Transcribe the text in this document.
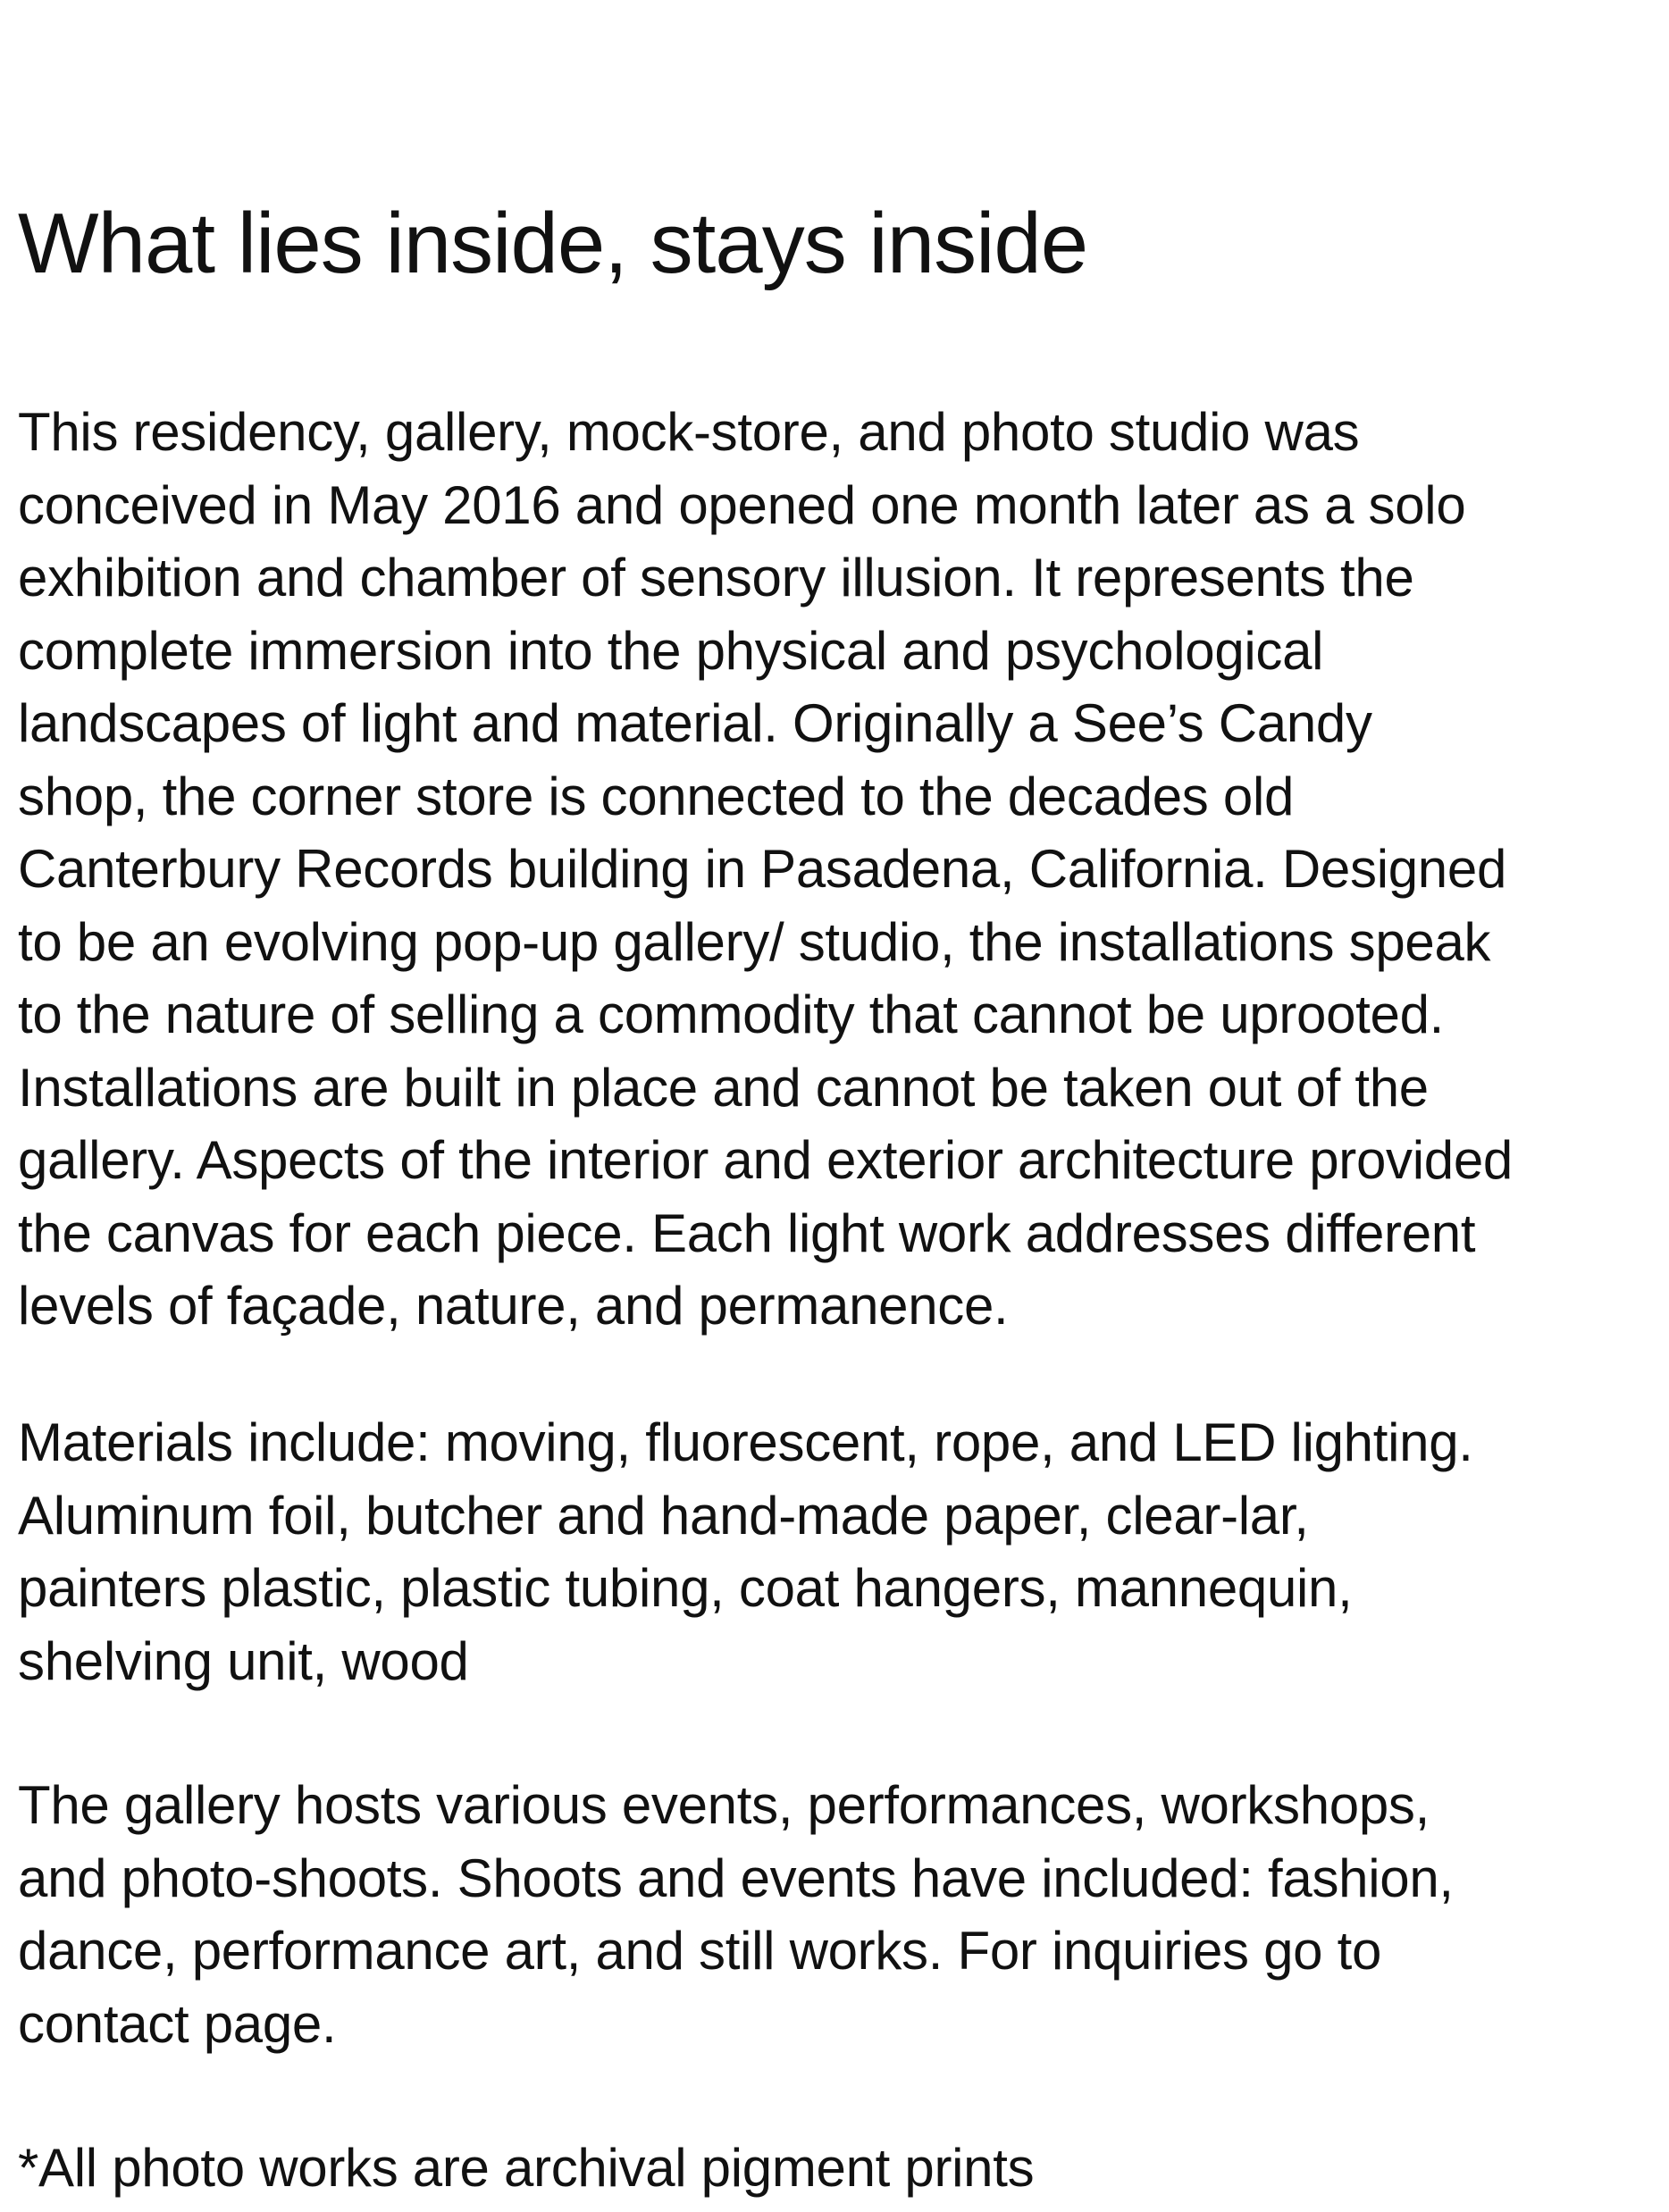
What lies inside, stays inside

This residency, gallery, mock-store, and photo studio was
conceived in May 2016 and opened one month later as a solo
exhibition and chamber of sensory illusion. It represents the
complete immersion into the physical and psychological
landscapes of light and material. Originally a See’s Candy
shop, the corner store is connected to the decades old
Canterbury Records building in Pasadena, California. Designed
to be an evolving pop-up gallery/ studio, the installations speak
to the nature of selling a commodity that cannot be uprooted.
Installations are built in place and cannot be taken out of the
gallery. Aspects of the interior and exterior architecture provided
the canvas for each piece. Each light work addresses different
levels of façade, nature, and permanence.

Materials include: moving, fluorescent, rope, and LED lighting.
Aluminum foil, butcher and hand-made paper, clear-lar,
painters plastic, plastic tubing, coat hangers, mannequin,
shelving unit, wood

The gallery hosts various events, performances, workshops,
and photo-shoots. Shoots and events have included: fashion,
dance, performance art, and still works. For inquiries go to
contact page.

*All photo works are archival pigment prints
